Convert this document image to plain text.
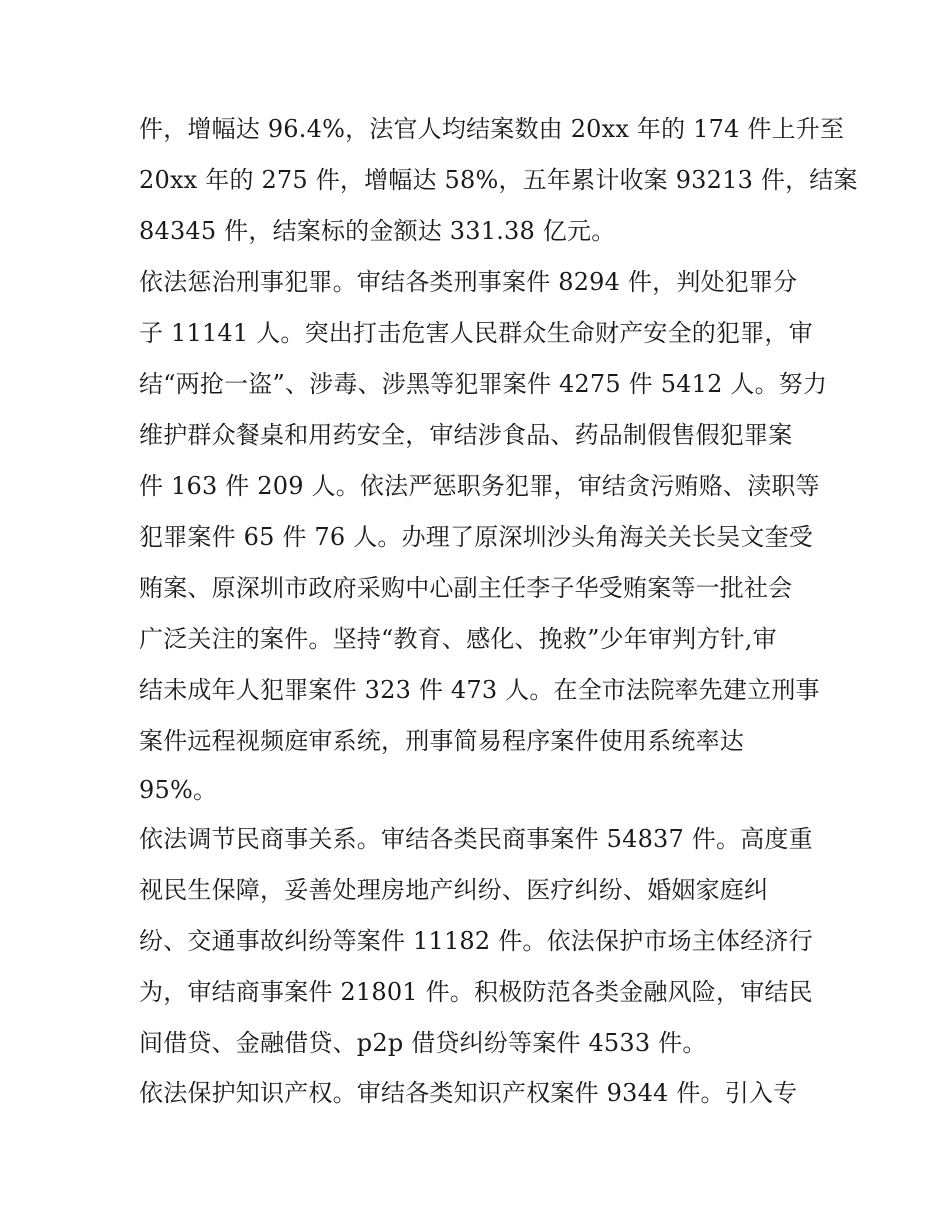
件，增幅达 96.4%，法官人均结案数由 20xx 年的 174 件上升至
20xx 年的 275 件，增幅达 58%，五年累计收案 93213 件，结案
84345 件，结案标的金额达 331.38 亿元。
依法惩治刑事犯罪。审结各类刑事案件 8294 件，判处犯罪分
子 11141 人。突出打击危害人民群众生命财产安全的犯罪，审
结“两抢一盗”、涉毒、涉黑等犯罪案件 4275 件 5412 人。努力
维护群众餐桌和用药安全，审结涉食品、药品制假售假犯罪案
件 163 件 209 人。依法严惩职务犯罪，审结贪污贿赂、渎职等
犯罪案件 65 件 76 人。办理了原深圳沙头角海关关长吴文奎受
贿案、原深圳市政府采购中心副主任李子华受贿案等一批社会
广泛关注的案件。坚持“教育、感化、挽救”少年审判方针,审
结未成年人犯罪案件 323 件 473 人。在全市法院率先建立刑事
案件远程视频庭审系统，刑事简易程序案件使用系统率达
95%。
依法调节民商事关系。审结各类民商事案件 54837 件。高度重
视民生保障，妥善处理房地产纠纷、医疗纠纷、婚姻家庭纠
纷、交通事故纠纷等案件 11182 件。依法保护市场主体经济行
为，审结商事案件 21801 件。积极防范各类金融风险，审结民
间借贷、金融借贷、p2p 借贷纠纷等案件 4533 件。
依法保护知识产权。审结各类知识产权案件 9344 件。引入专
